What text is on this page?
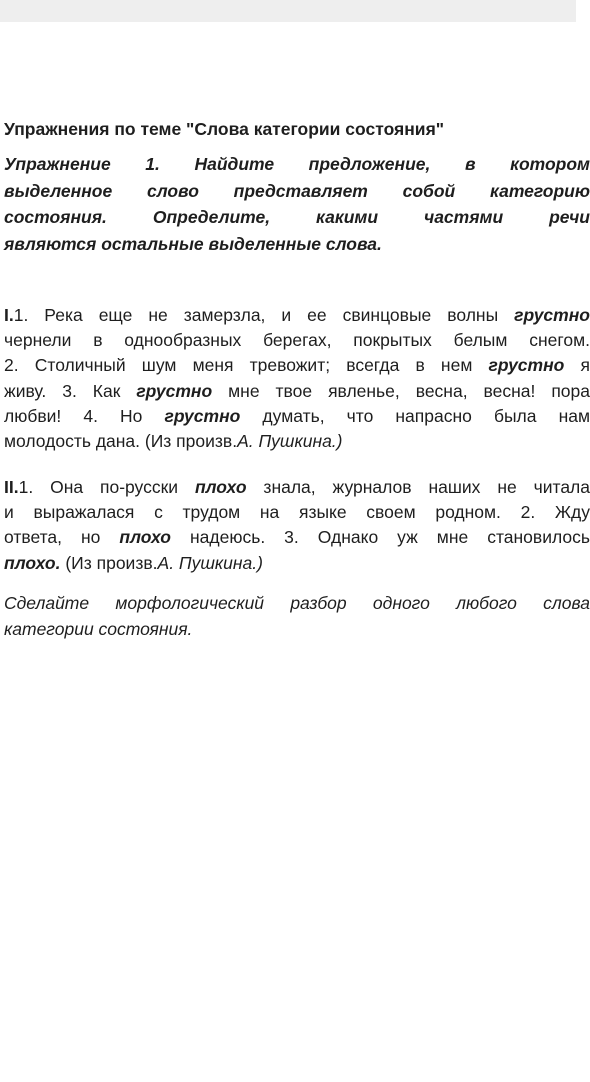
Упражнения по теме "Слова категории состояния"
Упражнение 1. Найдите предложение, в котором
выделенное слово представляет собой категорию
состояния. Определите, какими частями речи
являются остальные выделенные слова.
I.1. Река еще не замерзла, и ее свинцовые волны грустно
чернели в однообразных берегах, покрытых белым снегом.
2. Столичный шум меня тревожит; всегда в нем грустно я
живу. 3. Как грустно мне твое явленье, весна, весна! пора
любви! 4. Но грустно думать, что напрасно была нам
молодость дана. (Из произв.А. Пушкина.)
II.1. Она по-русски плохо знала, журналов наших не читала
и выражалася с трудом на языке своем родном. 2. Жду
ответа, но плохо надеюсь. 3. Однако уж мне становилось
плохо. (Из произв.А. Пушкина.)
Сделайте морфологический разбор одного любого слова
категории состояния.
